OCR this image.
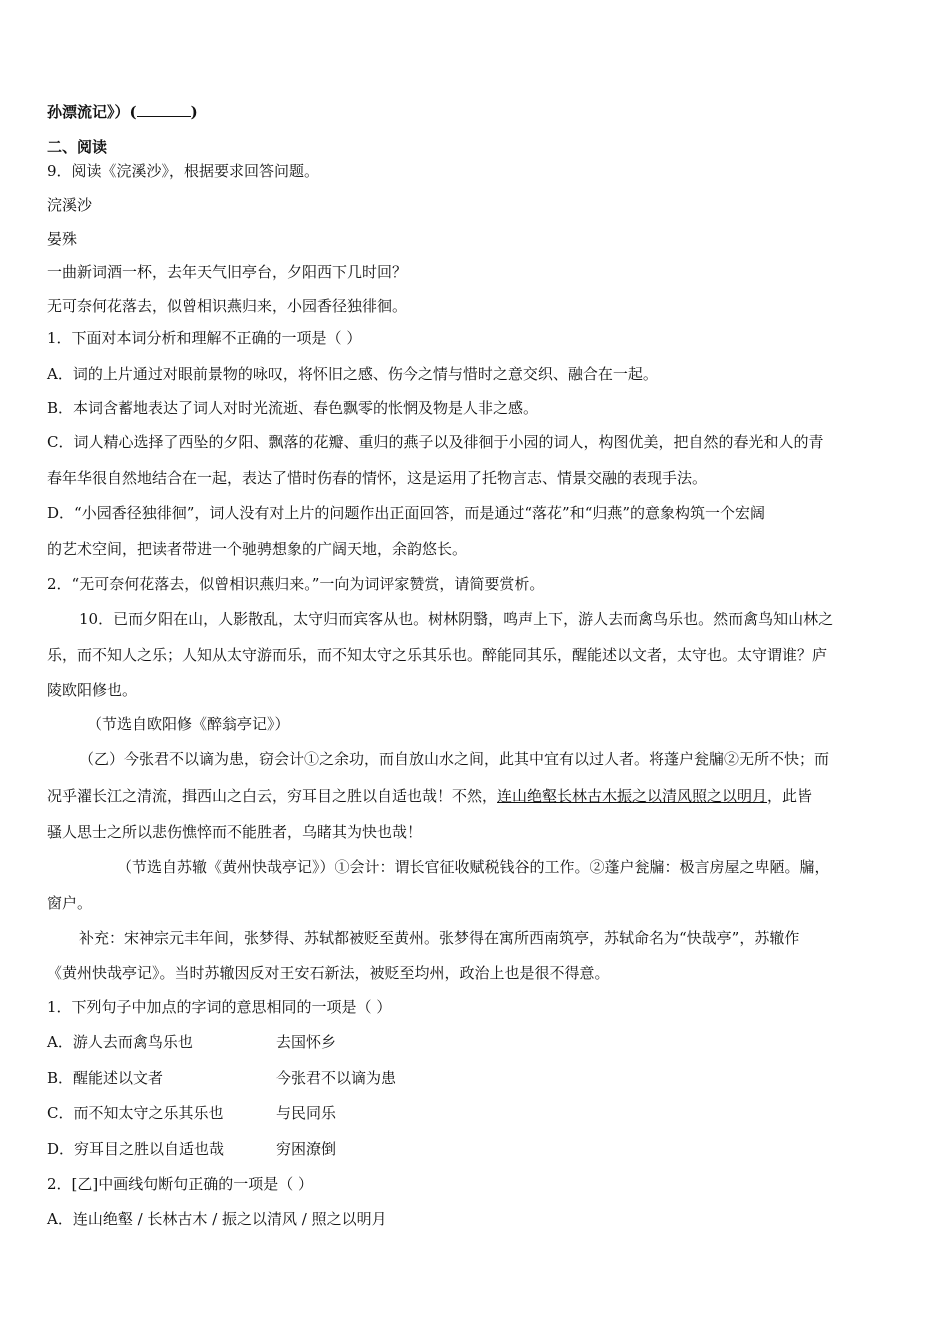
孙漂流记》）(	)
二、阅读
9．阅读《浣溪沙》，根据要求回答问题。
浣溪沙
晏殊
一曲新词酒一杯，去年天气旧亭台，夕阳西下几时回？
无可奈何花落去，似曾相识燕归来，小园香径独徘徊。
1．下面对本词分析和理解不正确的一项是（ ）
A．词的上片通过对眼前景物的咏叹，将怀旧之感、伤今之情与惜时之意交织、融合在一起。
B．本词含蓄地表达了词人对时光流逝、春色飘零的怅惘及物是人非之感。
C．词人精心选择了西坠的夕阳、飘落的花瓣、重归的燕子以及徘徊于小园的词人，构图优美，把自然的春光和人的青
春年华很自然地结合在一起，表达了惜时伤春的情怀，这是运用了托物言志、情景交融的表现手法。
D．“小园香径独徘徊”，词人没有对上片的问题作出正面回答，而是通过“落花”和“归燕”的意象构筑一个宏阔
的艺术空间，把读者带进一个驰骋想象的广阔天地，余韵悠长。
2．“无可奈何花落去，似曾相识燕归来。”一向为词评家赞赏，请简要赏析。
10．已而夕阳在山，人影散乱，太守归而宾客从也。树林阴翳，鸣声上下，游人去而禽鸟乐也。然而禽鸟知山林之
乐，而不知人之乐；人知从太守游而乐，而不知太守之乐其乐也。醉能同其乐，醒能述以文者，太守也。太守谓谁？庐
陵欧阳修也。
（节选自欧阳修《醉翁亭记》）
（乙）今张君不以谪为患，窃会计①之余功，而自放山水之间，此其中宜有以过人者。将蓬户瓮牖②无所不快；而
况乎濯长江之清流，揖西山之白云，穷耳目之胜以自适也哉！不然，连山绝壑长林古木振之以清风照之以明月，此皆
骚人思士之所以悲伤憔悴而不能胜者，乌睹其为快也哉！
（节选自苏辙《黄州快哉亭记》）①会计：谓长官征收赋税钱谷的工作。②蓬户瓮牖：极言房屋之卑陋。牖，
窗户。
补充：宋神宗元丰年间，张梦得、苏轼都被贬至黄州。张梦得在寓所西南筑亭，苏轼命名为“快哉亭”，苏辙作
《黄州快哉亭记》。当时苏辙因反对王安石新法，被贬至均州，政治上也是很不得意。
1．下列句子中加点的字词的意思相同的一项是（ ）
A．游人去而禽鸟乐也	去国怀乡
B．醒能述以文者	今张君不以谪为患
C．而不知太守之乐其乐也	与民同乐
D．穷耳目之胜以自适也哉	穷困潦倒
2．[乙]中画线句断句正确的一项是（ ）
A．连山绝壑 / 长林古木 / 振之以清风 / 照之以明月
